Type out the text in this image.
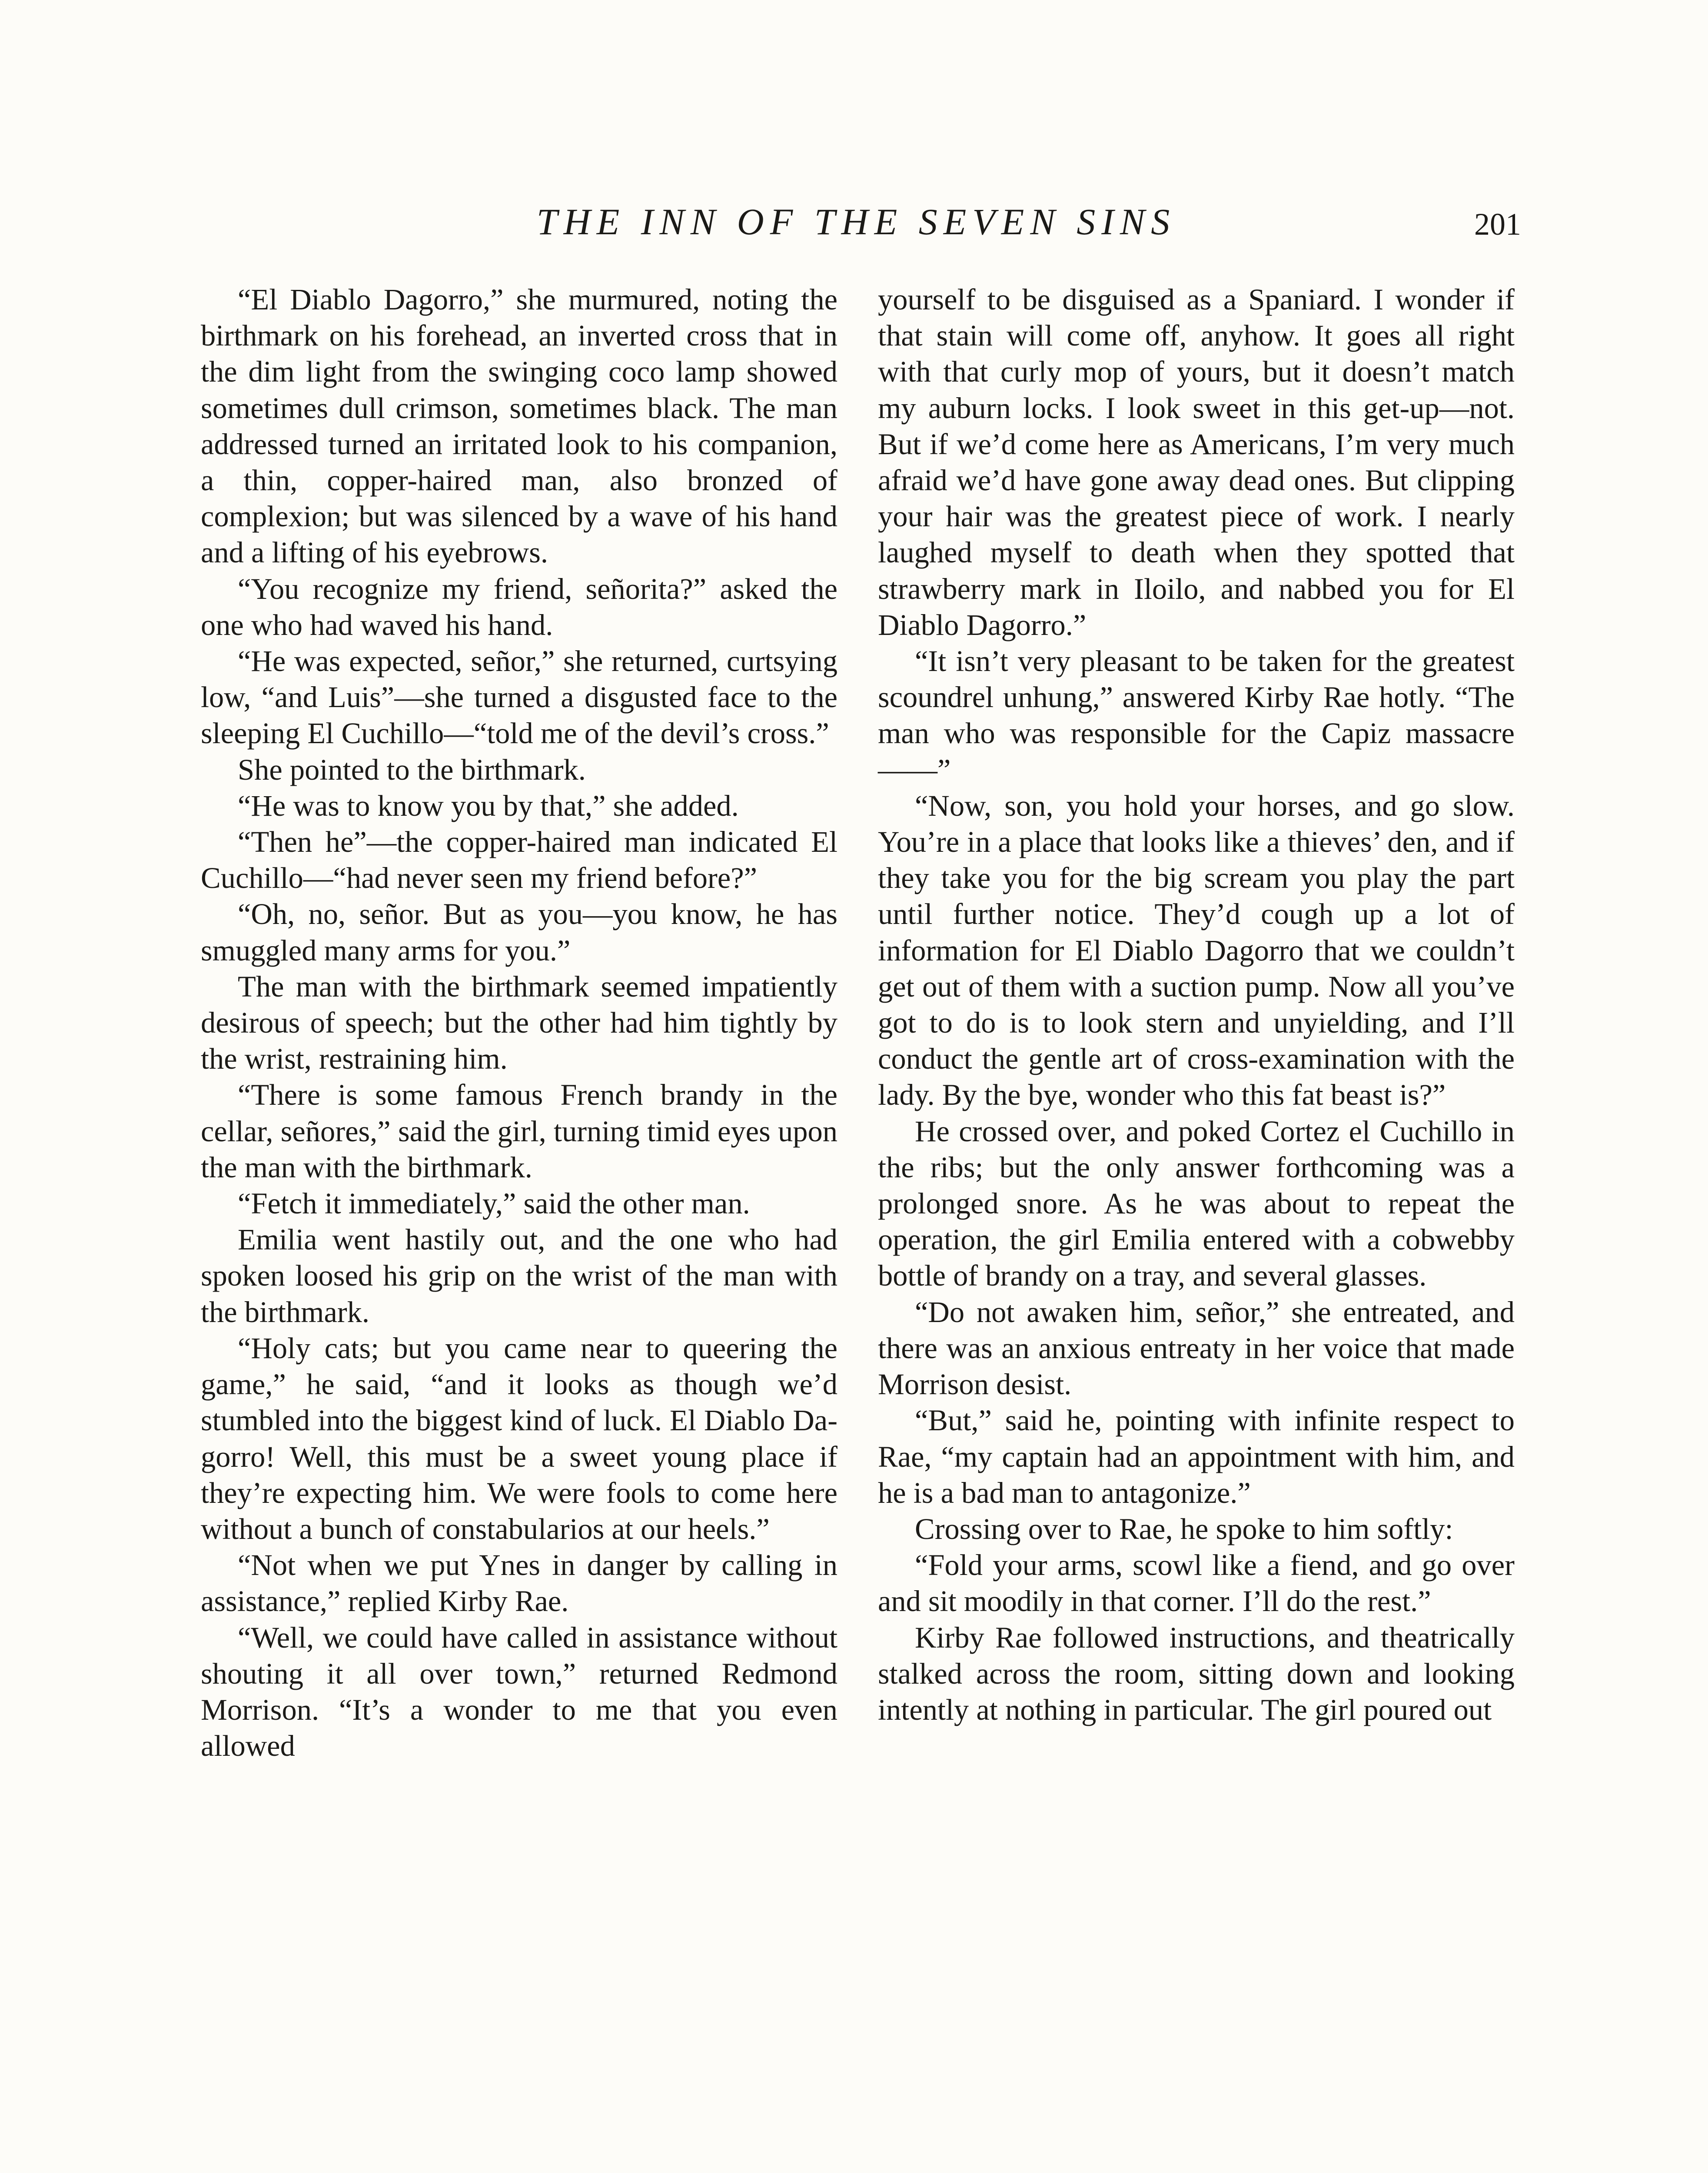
THE INN OF THE SEVEN SINS	201

“El Diablo Dagorro,” she murmured, noting the birthmark on his forehead, an inverted cross that in the dim light from the swinging coco lamp showed sometimes dull crimson, sometimes black. The man addressed turned an irritated look to his companion, a thin, copper-haired man, also bronzed of complexion; but was silenced by a wave of his hand and a lifting of his eyebrows.

“You recognize my friend, señorita?” asked the one who had waved his hand.

“He was expected, señor,” she returned, curtsying low, “and Luis”—she turned a disgusted face to the sleeping El Cuchillo—“told me of the devil’s cross.”

She pointed to the birthmark.

“He was to know you by that,” she added.

“Then he”—the copper-haired man indicated El Cuchillo—“had never seen my friend before?”

“Oh, no, señor. But as you—you know, he has smuggled many arms for you.”

The man with the birthmark seemed impatiently desirous of speech; but the other had him tightly by the wrist, restraining him.

“There is some famous French brandy in the cellar, señores,” said the girl, turning timid eyes upon the man with the birthmark.

“Fetch it immediately,” said the other man.

Emilia went hastily out, and the one who had spoken loosed his grip on the wrist of the man with the birthmark.

“Holy cats; but you came near to queering the game,” he said, “and it looks as though we’d stumbled into the biggest kind of luck. El Diablo Dagorro! Well, this must be a sweet young place if they’re expecting him. We were fools to come here without a bunch of constabularios at our heels.”

“Not when we put Ynes in danger by calling in assistance,” replied Kirby Rae.

“Well, we could have called in assistance without shouting it all over town,” returned Redmond Morrison. “It’s a wonder to me that you even allowed

yourself to be disguised as a Spaniard. I wonder if that stain will come off, anyhow. It goes all right with that curly mop of yours, but it doesn’t match my auburn locks. I look sweet in this get-up—not. But if we’d come here as Americans, I’m very much afraid we’d have gone away dead ones. But clipping your hair was the greatest piece of work. I nearly laughed myself to death when they spotted that strawberry mark in Iloilo, and nabbed you for El Diablo Dagorro.”

“It isn’t very pleasant to be taken for the greatest scoundrel unhung,” answered Kirby Rae hotly. “The man who was responsible for the Capiz massacre——”

“Now, son, you hold your horses, and go slow. You’re in a place that looks like a thieves’ den, and if they take you for the big scream you play the part until further notice. They’d cough up a lot of information for El Diablo Dagorro that we couldn’t get out of them with a suction pump. Now all you’ve got to do is to look stern and unyielding, and I’ll conduct the gentle art of cross-examination with the lady. By the bye, wonder who this fat beast is?”

He crossed over, and poked Cortez el Cuchillo in the ribs; but the only answer forthcoming was a prolonged snore. As he was about to repeat the operation, the girl Emilia entered with a cobwebby bottle of brandy on a tray, and several glasses.

“Do not awaken him, señor,” she entreated, and there was an anxious entreaty in her voice that made Morrison desist.

“But,” said he, pointing with infinite respect to Rae, “my captain had an appointment with him, and he is a bad man to antagonize.”

Crossing over to Rae, he spoke to him softly:

“Fold your arms, scowl like a fiend, and go over and sit moodily in that corner. I’ll do the rest.”

Kirby Rae followed instructions, and theatrically stalked across the room, sitting down and looking intently at nothing in particular. The girl poured out
